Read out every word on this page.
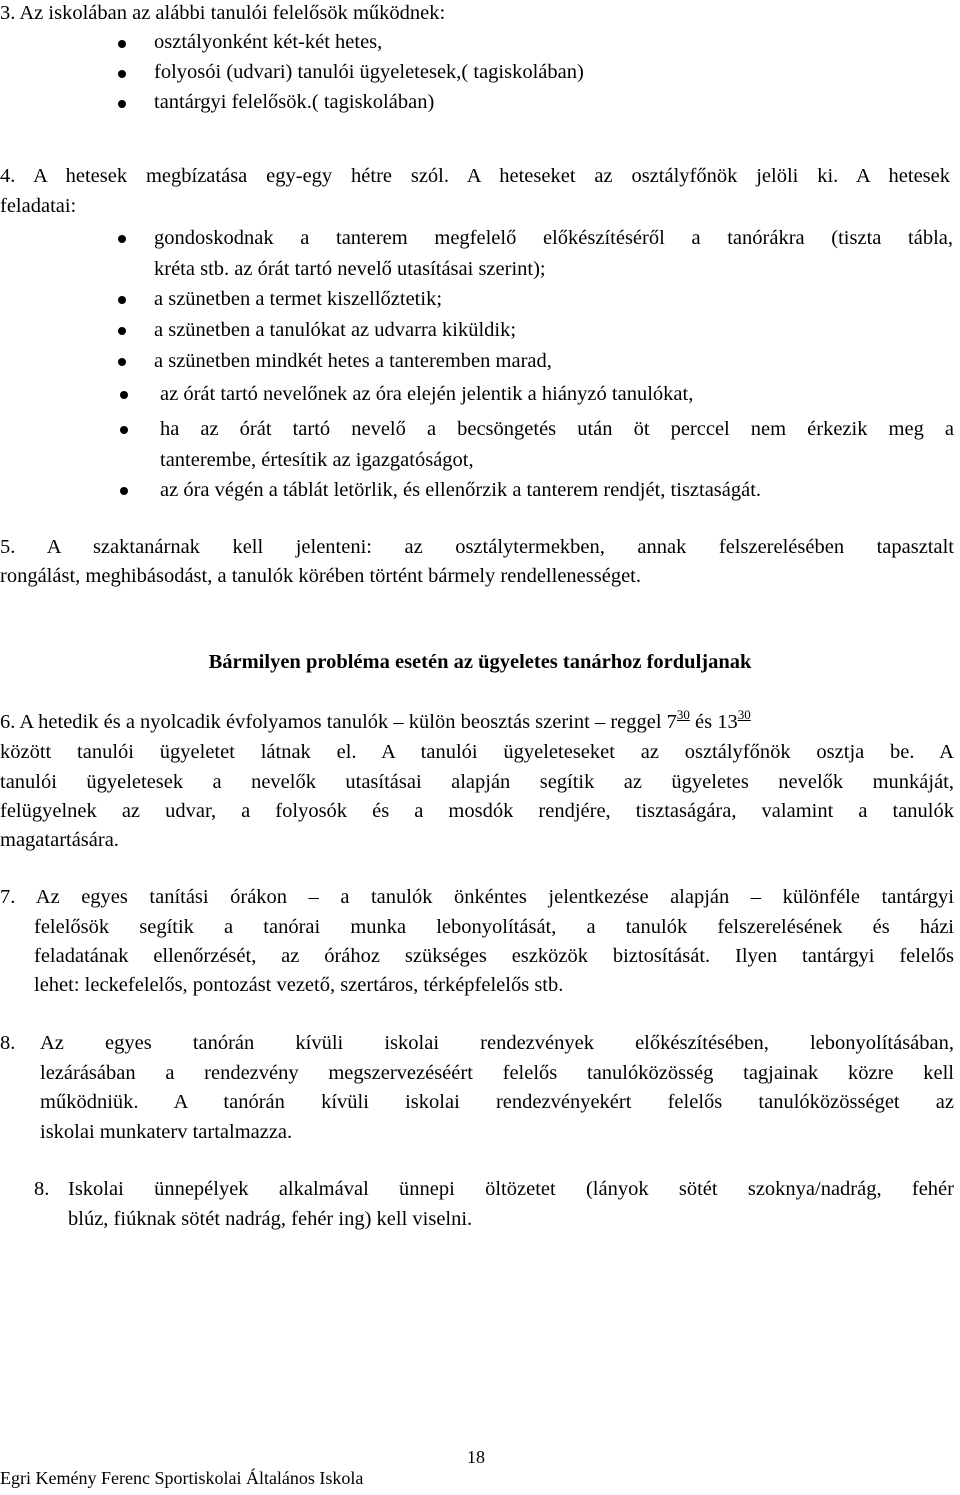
3. Az iskolában az alábbi tanulói felelősök működnek:
osztályonként két-két hetes,
folyosói (udvari) tanulói ügyeletesek,( tagiskolában)
tantárgyi felelősök.( tagiskolában)
4. A hetesek megbízatása egy-egy hétre szól. A heteseket az osztályfőnök jelöli ki. A hetesek
feladatai:
gondoskodnak a tanterem megfelelő előkészítéséről a tanórákra (tiszta tábla,
kréta stb. az órát tartó nevelő utasításai szerint);
a szünetben a termet kiszellőztetik;
a szünetben a tanulókat az udvarra kiküldik;
a szünetben mindkét hetes a tanteremben marad,
az órát tartó nevelőnek az óra elején jelentik a hiányzó tanulókat,
ha az órát tartó nevelő a becsöngetés után öt perccel nem érkezik meg a
tanterembe, értesítik az igazgatóságot,
az óra végén a táblát letörlik, és ellenőrzik a tanterem rendjét, tisztaságát.
5. A szaktanárnak kell jelenteni: az osztálytermekben, annak felszerelésében tapasztalt
rongálást, meghibásodást, a tanulók körében történt bármely rendellenességet.
Bármilyen probléma esetén az ügyeletes tanárhoz forduljanak
6. A hetedik és a nyolcadik évfolyamos tanulók – külön beosztás szerint – reggel $7^{30}$ és $13^{30}$
között tanulói ügyeletet látnak el. A tanulói ügyeleteseket az osztályfőnök osztja be. A
tanulói ügyeletesek a nevelők utasításai alapján segítik az ügyeletes nevelők munkáját,
felügyelnek az udvar, a folyosók és a mosdók rendjére, tisztaságára, valamint a tanulók
magatartására.
7. Az egyes tanítási órákon – a tanulók önkéntes jelentkezése alapján – különféle tantárgyi
felelősök segítik a tanórai munka lebonyolítását, a tanulók felszerelésének és házi
feladatának ellenőrzését, az órához szükséges eszközök biztosítását. Ilyen tantárgyi felelős
lehet: leckefelelős, pontozást vezető, szertáros, térképfelelős stb.
8. Az egyes tanórán kívüli iskolai rendezvények előkészítésében, lebonyolításában,
lezárásában a rendezvény megszervezéséért felelős tanulóközösség tagjainak közre kell
működniük. A tanórán kívüli iskolai rendezvényekért felelős tanulóközösséget az
iskolai munkaterv tartalmazza.
8. Iskolai ünnepélyek alkalmával ünnepi öltözetet (lányok sötét szoknya/nadrág, fehér
blúz, fiúknak sötét nadrág, fehér ing) kell viselni.
18
Egri Kemény Ferenc Sportiskolai Általános Iskola
